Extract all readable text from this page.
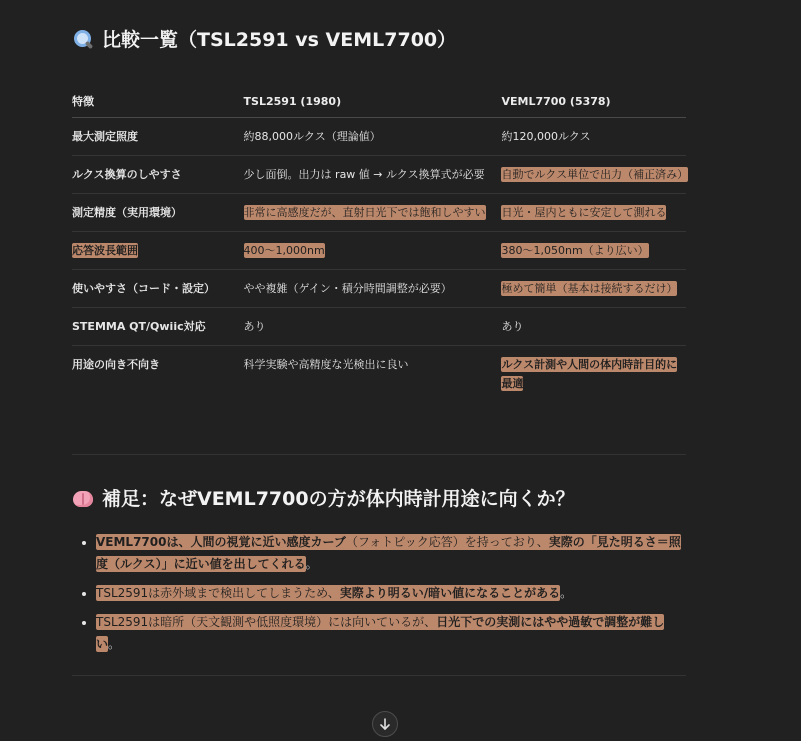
比較一覧（TSL2591 vs VEML7700）
特徴	TSL2591 (1980)	VEML7700 (5378)
最大測定照度	約88,000ルクス（理論値）	約120,000ルクス
ルクス換算のしやすさ	少し面倒。出力は raw 値 → ルクス換算式が必要	自動でルクス単位で出力（補正済み）
測定精度（実用環境）	非常に高感度だが、直射日光下では飽和しやすい	日光・屋内ともに安定して測れる
応答波長範囲	400〜1,000nm	380〜1,050nm（より広い）
使いやすさ（コード・設定）	やや複雑（ゲイン・積分時間調整が必要）	極めて簡単（基本は接続するだけ）
STEMMA QT/Qwiic対応	あり	あり
用途の向き不向き	科学実験や高精度な光検出に良い	ルクス計測や人間の体内時計目的に最適
補足：なぜVEML7700の方が体内時計用途に向くか？
• VEML7700は、人間の視覚に近い感度カーブ（フォトピック応答）を持っており、実際の「見た明るさ＝照度（ルクス）」に近い値を出してくれる。
• TSL2591は赤外域まで検出してしまうため、実際より明るい/暗い値になることがある。
• TSL2591は暗所（天文観測や低照度環境）には向いているが、日光下での実測にはやや過敏で調整が難しい。
